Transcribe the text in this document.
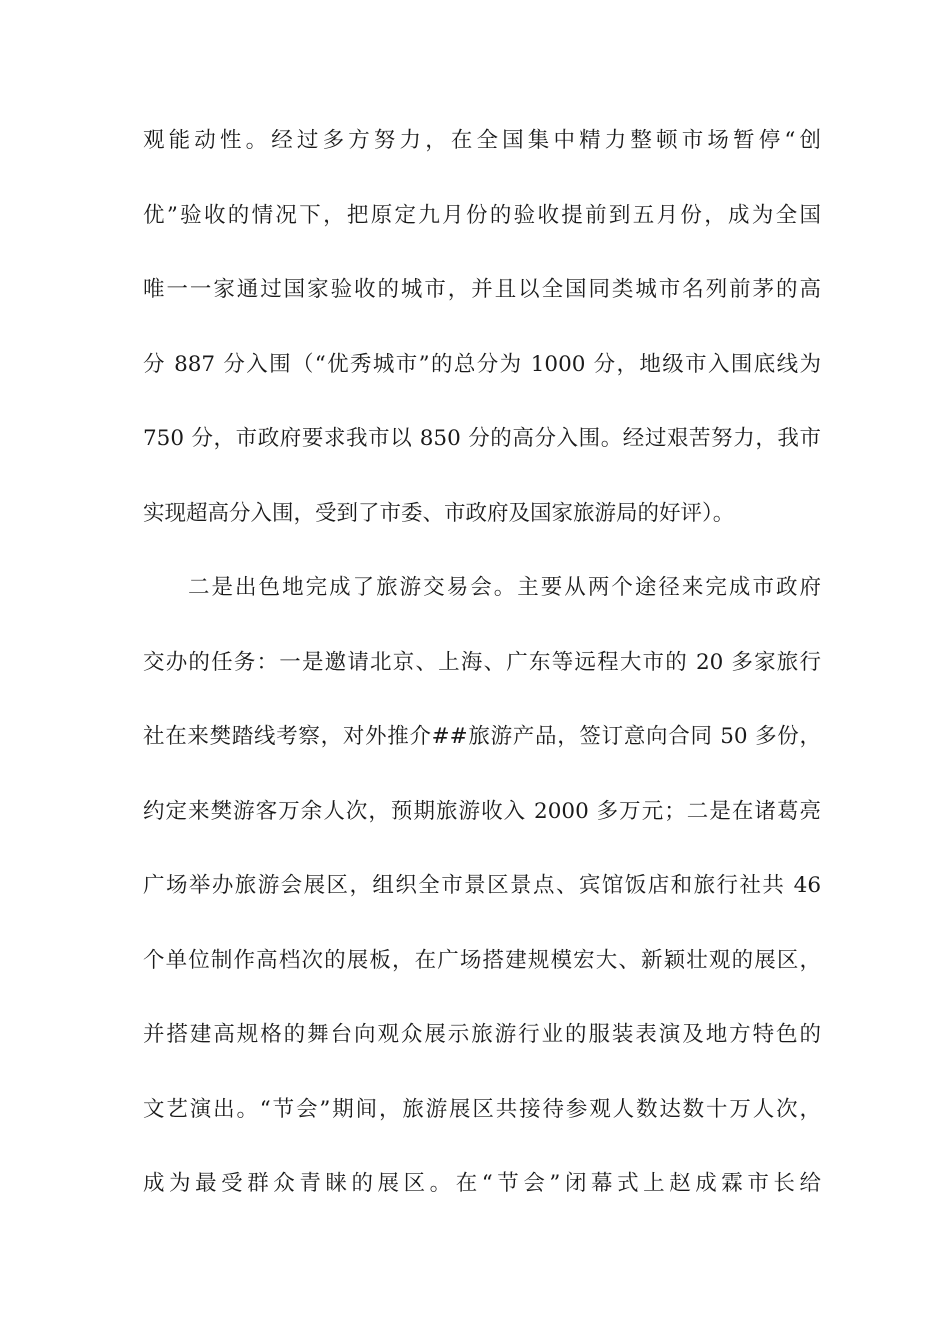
观能动性。经过多方努力，在全国集中精力整顿市场暂停“创
优”验收的情况下，把原定九月份的验收提前到五月份，成为全国
唯一一家通过国家验收的城市，并且以全国同类城市名列前茅的高
分 887 分入围（“优秀城市”的总分为 1000 分，地级市入围底线为
750 分，市政府要求我市以 850 分的高分入围。经过艰苦努力，我市
实现超高分入围，受到了市委、市政府及国家旅游局的好评）。
二是出色地完成了旅游交易会。主要从两个途径来完成市政府
交办的任务：一是邀请北京、上海、广东等远程大市的 20 多家旅行
社在来樊踏线考察，对外推介##旅游产品，签订意向合同 50 多份，
约定来樊游客万余人次，预期旅游收入 2000 多万元；二是在诸葛亮
广场举办旅游会展区，组织全市景区景点、宾馆饭店和旅行社共 46
个单位制作高档次的展板，在广场搭建规模宏大、新颖壮观的展区，
并搭建高规格的舞台向观众展示旅游行业的服装表演及地方特色的
文艺演出。“节会”期间，旅游展区共接待参观人数达数十万人次，
成为最受群众青睐的展区。在“节会”闭幕式上赵成霖市长给
